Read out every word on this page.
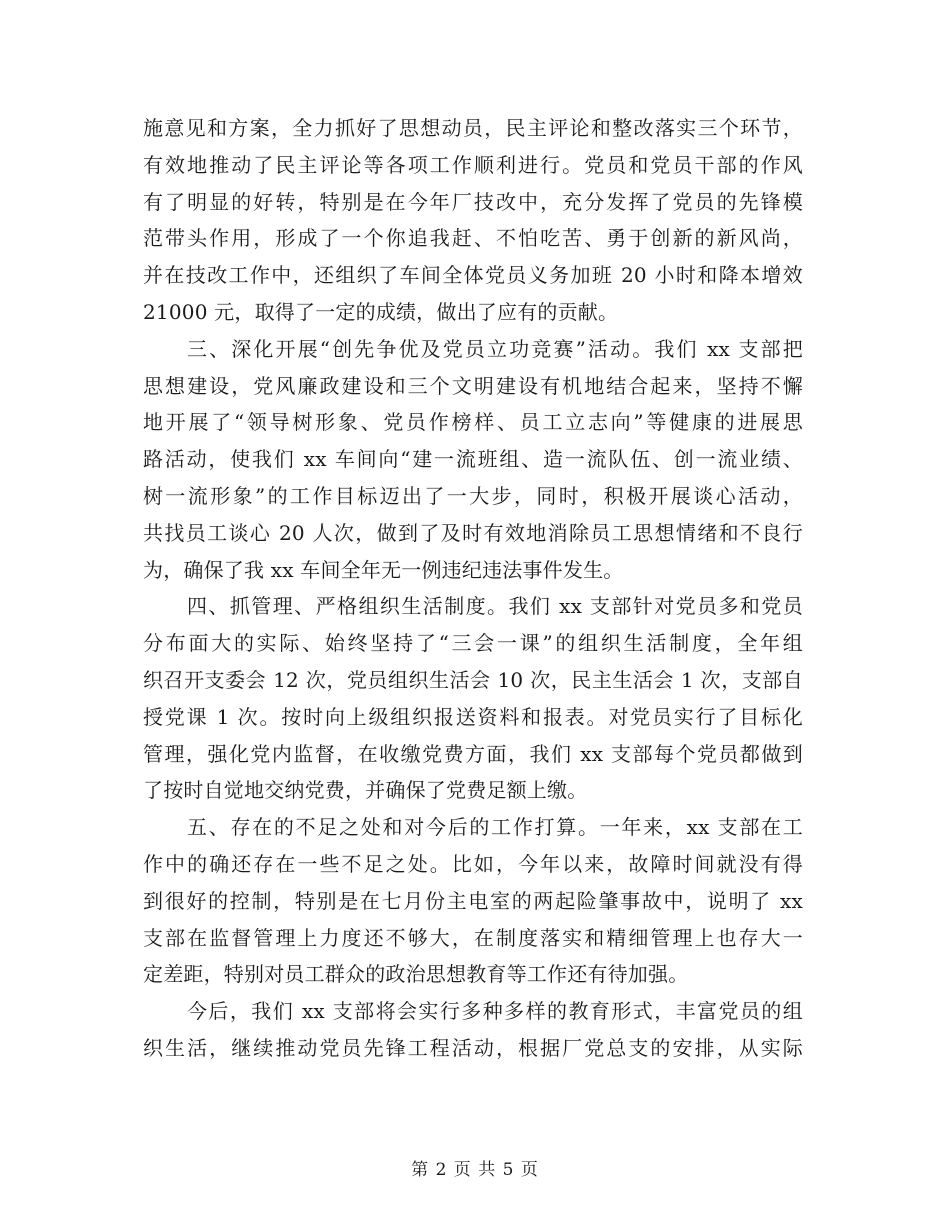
施意见和方案，全力抓好了思想动员，民主评论和整改落实三个环节，
有效地推动了民主评论等各项工作顺利进行。党员和党员干部的作风
有了明显的好转，特别是在今年厂技改中，充分发挥了党员的先锋模
范带头作用，形成了一个你追我赶、不怕吃苦、勇于创新的新风尚，
并在技改工作中，还组织了车间全体党员义务加班 20 小时和降本增效
21000 元，取得了一定的成绩，做出了应有的贡献。
三、深化开展“创先争优及党员立功竞赛”活动。我们 xx 支部把
思想建设，党风廉政建设和三个文明建设有机地结合起来，坚持不懈
地开展了“领导树形象、党员作榜样、员工立志向”等健康的进展思
路活动，使我们 xx 车间向“建一流班组、造一流队伍、创一流业绩、
树一流形象”的工作目标迈出了一大步，同时，积极开展谈心活动，
共找员工谈心 20 人次，做到了及时有效地消除员工思想情绪和不良行
为，确保了我 xx 车间全年无一例违纪违法事件发生。
四、抓管理、严格组织生活制度。我们 xx 支部针对党员多和党员
分布面大的实际、始终坚持了“三会一课”的组织生活制度，全年组
织召开支委会 12 次，党员组织生活会 10 次，民主生活会 1 次，支部自
授党课 1 次。按时向上级组织报送资料和报表。对党员实行了目标化
管理，强化党内监督，在收缴党费方面，我们 xx 支部每个党员都做到
了按时自觉地交纳党费，并确保了党费足额上缴。
五、存在的不足之处和对今后的工作打算。一年来，xx 支部在工
作中的确还存在一些不足之处。比如，今年以来，故障时间就没有得
到很好的控制，特别是在七月份主电室的两起险肇事故中，说明了 xx
支部在监督管理上力度还不够大，在制度落实和精细管理上也存大一
定差距，特别对员工群众的政治思想教育等工作还有待加强。
今后，我们 xx 支部将会实行多种多样的教育形式，丰富党员的组
织生活，继续推动党员先锋工程活动，根据厂党总支的安排，从实际
第 2 页 共 5 页
